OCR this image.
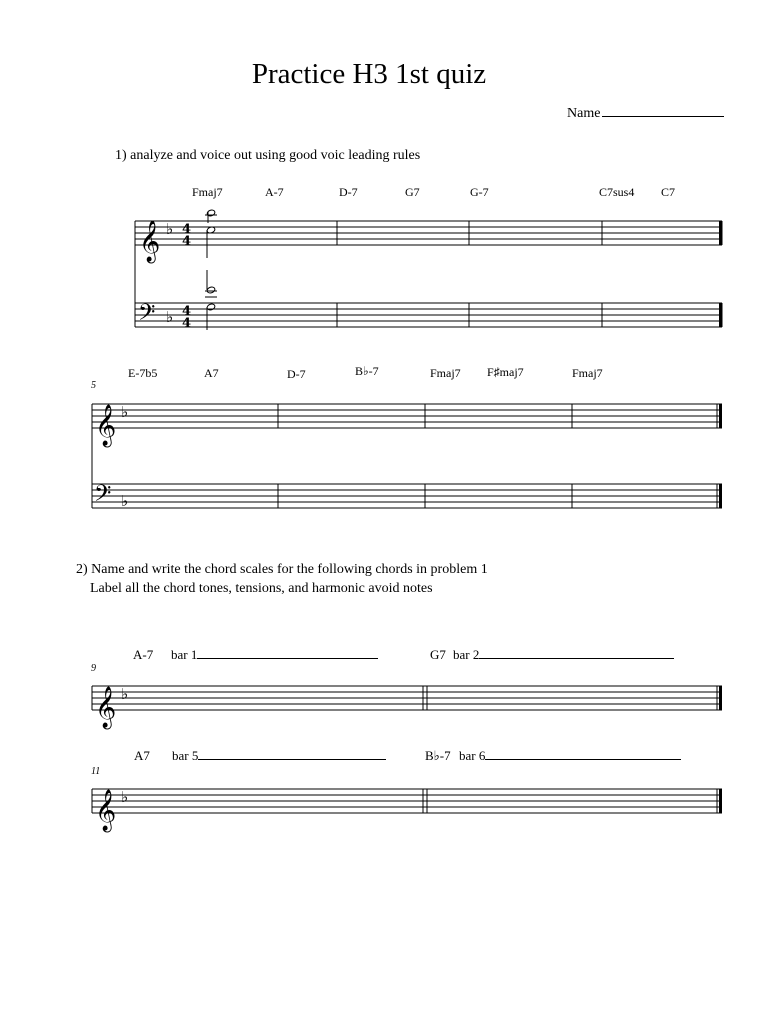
Practice H3 1st quiz
Name
1) analyze and voice out using good voic leading rules
Fmaj7	A-7	D-7	G7	G-7	C7sus4 C7
5
E-7b5	A7	D-7	B♭-7	Fmaj7 F♯maj7	Fmaj7
2) Name and write the chord scales for the following chords in problem 1
Label all the chord tones, tensions, and harmonic avoid notes
9
A-7 bar 1	G7 bar 2
11
A7 bar 5	B♭-7 bar 6
𝄞
𝄢
♭
♭
4
4
4
4
𝄞
𝄢
♭
♭
𝄞 ♭
𝄞 ♭
